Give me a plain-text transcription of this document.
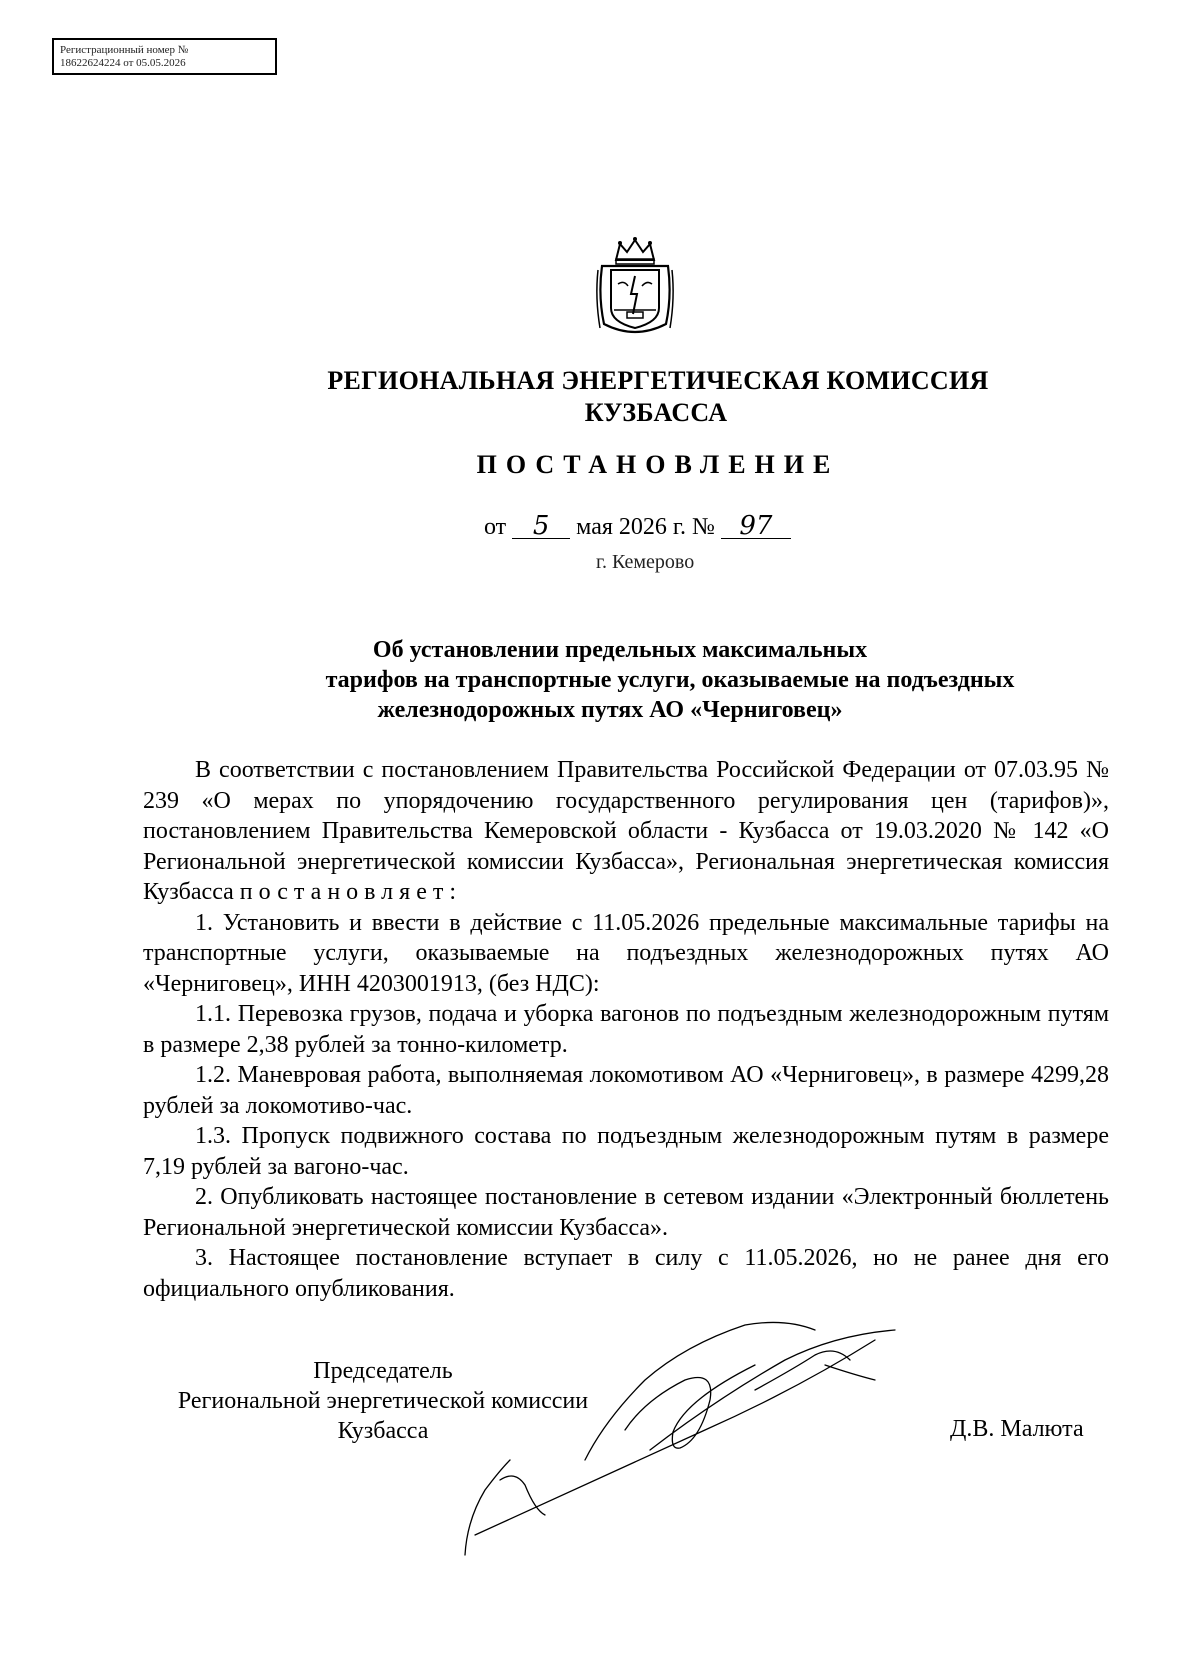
Регистрационный номер №
18622624224 от 05.05.2026
РЕГИОНАЛЬНАЯ ЭНЕРГЕТИЧЕСКАЯ КОМИССИЯ
КУЗБАССА
ПОСТАНОВЛЕНИЕ
от 5 мая 2026 г. № 97
г. Кемерово
Об установлении предельных максимальных
тарифов на транспортные услуги, оказываемые на подъездных
железнодорожных путях АО «Черниговец»

В соответствии с постановлением Правительства Российской Федерации от 07.03.95 № 239 «О мерах по упорядочению государственного регулирования цен (тарифов)», постановлением Правительства Кемеровской области - Кузбасса от 19.03.2020 № 142 «О Региональной энергетической комиссии Кузбасса», Региональная энергетическая комиссия Кузбасса постановляет:

1. Установить и ввести в действие с 11.05.2026 предельные максимальные тарифы на транспортные услуги, оказываемые на подъездных железнодорожных путях АО «Черниговец», ИНН 4203001913, (без НДС):

1.1. Перевозка грузов, подача и уборка вагонов по подъездным железнодорожным путям в размере 2,38 рублей за тонно-километр.

1.2. Маневровая работа, выполняемая локомотивом АО «Черниговец», в размере 4299,28 рублей за локомотиво-час.

1.3. Пропуск подвижного состава по подъездным железнодорожным путям в размере 7,19 рублей за вагоно-час.

2. Опубликовать настоящее постановление в сетевом издании «Электронный бюллетень Региональной энергетической комиссии Кузбасса».

3. Настоящее постановление вступает в силу с 11.05.2026, но не ранее дня его официального опубликования.

Председатель
Региональной энергетической комиссии
Кузбасса	Д.В. Малюта
